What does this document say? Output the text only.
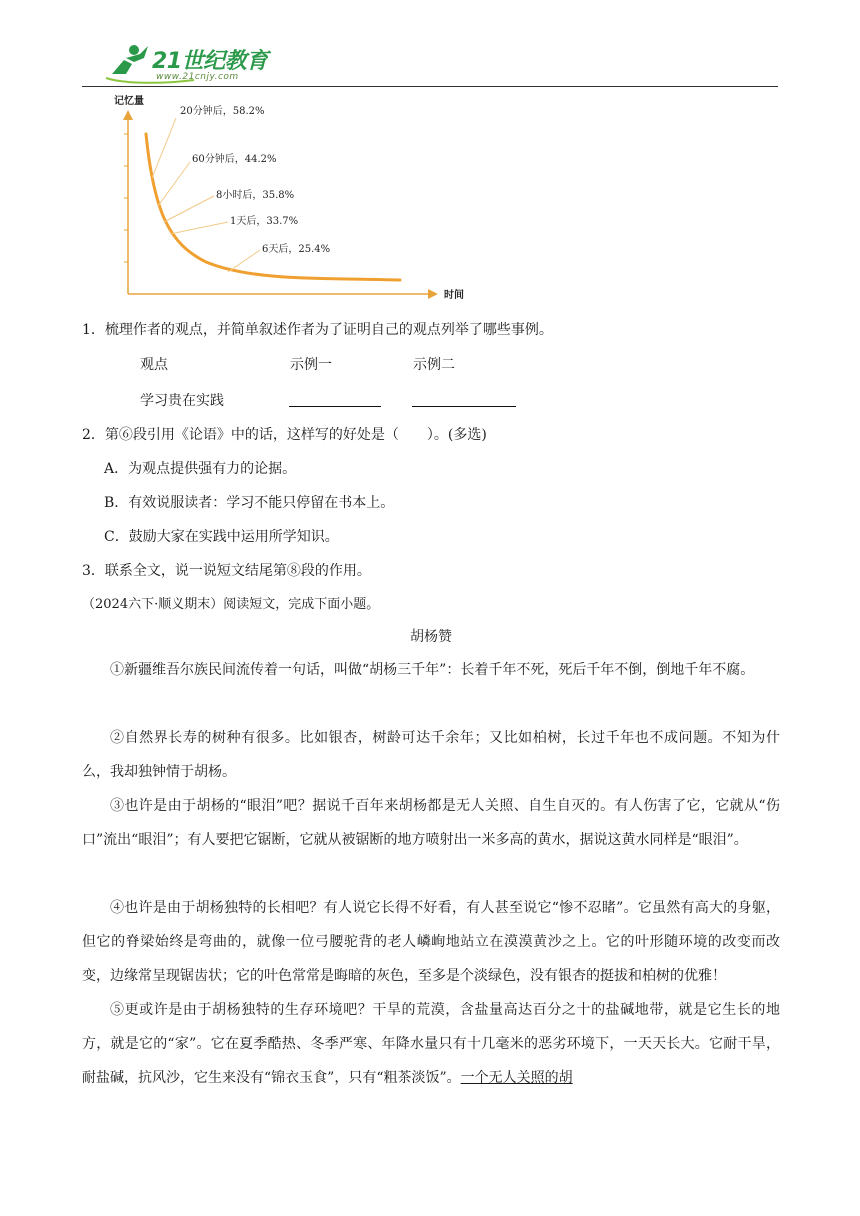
21世纪教育
www.21cnjy.com
记忆量
时间
20分钟后，58.2%
60分钟后，44.2%
8小时后，35.8%
1天后，33.7%
6天后，25.4%
1．梳理作者的观点，并简单叙述作者为了证明自己的观点列举了哪些事例。
观点	示例一	示例二
学习贵在实践
2．第⑥段引用《论语》中的话，这样写的好处是（　　）。(多选)
A．为观点提供强有力的论据。
B．有效说服读者：学习不能只停留在书本上。
C．鼓励大家在实践中运用所学知识。
3．联系全文，说一说短文结尾第⑧段的作用。
（2024六下·顺义期末）阅读短文，完成下面小题。
胡杨赞
①新疆维吾尔族民间流传着一句话，叫做“胡杨三千年”：长着千年不死，死后千年不倒，倒地千年不腐。
②自然界长寿的树种有很多。比如银杏，树龄可达千余年；又比如柏树，长过千年也不成问题。不知为什么，我却独钟情于胡杨。
③也许是由于胡杨的“眼泪”吧？据说千百年来胡杨都是无人关照、自生自灭的。有人伤害了它，它就从“伤口”流出“眼泪”；有人要把它锯断，它就从被锯断的地方喷射出一米多高的黄水，据说这黄水同样是“眼泪”。
④也许是由于胡杨独特的长相吧？有人说它长得不好看，有人甚至说它“惨不忍睹”。它虽然有高大的身躯，但它的脊梁始终是弯曲的，就像一位弓腰驼背的老人嶙峋地站立在漠漠黄沙之上。它的叶形随环境的改变而改变，边缘常呈现锯齿状；它的叶色常常是晦暗的灰色，至多是个淡绿色，没有银杏的挺拔和柏树的优雅！
⑤更或许是由于胡杨独特的生存环境吧？干旱的荒漠，含盐量高达百分之十的盐碱地带，就是它生长的地方，就是它的“家”。它在夏季酷热、冬季严寒、年降水量只有十几毫米的恶劣环境下，一天天长大。它耐干旱，耐盐碱，抗风沙，它生来没有“锦衣玉食”，只有“粗茶淡饭”。一个无人关照的胡
